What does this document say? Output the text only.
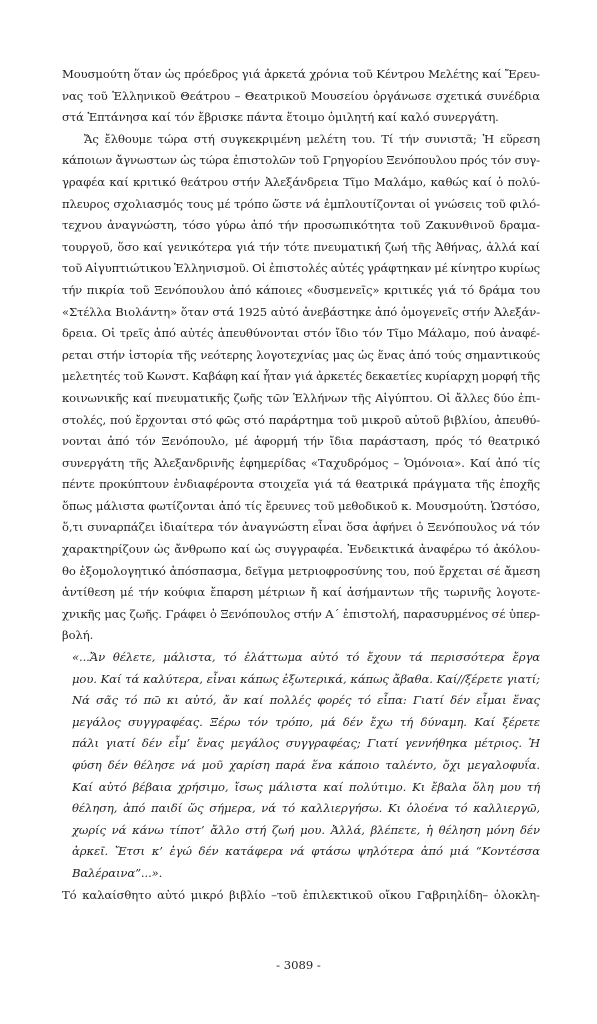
Μουσμούτη ὅταν ὡς πρόεδρος γιά ἀρκετά χρόνια τοῦ Κέντρου Μελέτης καί Ἔρευ-
νας τοῦ Ἑλληνικοῦ Θεάτρου – Θεατρικοῦ Μουσείου ὀργάνωσε σχετικά συνέδρια
στά Ἑπτάνησα καί τόν ἔβρισκε πάντα ἕτοιμο ὁμιλητή καί καλό συνεργάτη.
Ἄς ἔλθουμε τώρα στή συγκεκριμένη μελέτη του. Τί τήν συνιστᾶ; Ἡ εὕρεση
κάποιων ἄγνωστων ὡς τώρα ἐπιστολῶν τοῦ Γρηγορίου Ξενόπουλου πρός τόν συγ-
γραφέα καί κριτικό θεάτρου στήν Ἀλεξάνδρεια Τῖμο Μαλάμο, καθώς καί ὁ πολύ-
πλευρος σχολιασμός τους μέ τρόπο ὥστε νά ἐμπλουτίζονται οἱ γνώσεις τοῦ φιλό-
τεχνου ἀναγνώστη, τόσο γύρω ἀπό τήν προσωπικότητα τοῦ Ζακυνθινοῦ δραμα-
τουργοῦ, ὅσο καί γενικότερα γιά τήν τότε πνευματική ζωή τῆς Ἀθήνας, ἀλλά καί
τοῦ Αἰγυπτιώτικου Ἑλληνισμοῦ. Οἱ ἐπιστολές αὐτές γράφτηκαν μέ κίνητρο κυρίως
τήν πικρία τοῦ Ξενόπουλου ἀπό κάποιες «δυσμενεῖς» κριτικές γιά τό δράμα του
«Στέλλα Βιολάντη» ὅταν στά 1925 αὐτό ἀνεβάστηκε ἀπό ὁμογενεῖς στήν Ἀλεξάν-
δρεια. Οἱ τρεῖς ἀπό αὐτές ἀπευθύνονται στόν ἴδιο τόν Τῖμο Μάλαμο, πού ἀναφέ-
ρεται στήν ἱστορία τῆς νεότερης λογοτεχνίας μας ὡς ἕνας ἀπό τούς σημαντικούς
μελετητές τοῦ Κωνστ. Καβάφη καί ἦταν γιά ἀρκετές δεκαετίες κυρίαρχη μορφή τῆς
κοινωνικῆς καί πνευματικῆς ζωῆς τῶν Ἑλλήνων τῆς Αἰγύπτου. Οἱ ἄλλες δύο ἐπι-
στολές, πού ἔρχονται στό φῶς στό παράρτημα τοῦ μικροῦ αὐτοῦ βιβλίου, ἀπευθύ-
νονται ἀπό τόν Ξενόπουλο, μέ ἀφορμή τήν ἴδια παράσταση, πρός τό θεατρικό
συνεργάτη τῆς Ἀλεξανδρινῆς ἐφημερίδας «Ταχυδρόμος – Ὁμόνοια». Καί ἀπό τίς
πέντε προκύπτουν ἐνδιαφέροντα στοιχεῖα γιά τά θεατρικά πράγματα τῆς ἐποχῆς
ὅπως μάλιστα φωτίζονται ἀπό τίς ἔρευνες τοῦ μεθοδικοῦ κ. Μουσμούτη. Ὡστόσο,
ὅ,τι συναρπάζει ἰδιαίτερα τόν ἀναγνώστη εἶναι ὅσα ἀφήνει ὁ Ξενόπουλος νά τόν
χαρακτηρίζουν ὡς ἄνθρωπο καί ὡς συγγραφέα. Ἐνδεικτικά ἀναφέρω τό ἀκόλου-
θο ἐξομολογητικό ἀπόσπασμα, δεῖγμα μετριοφροσύνης του, πού ἔρχεται σέ ἄμεση
ἀντίθεση μέ τήν κούφια ἔπαρση μέτριων ἤ καί ἀσήμαντων τῆς τωρινῆς λογοτε-
χνικῆς μας ζωῆς. Γράφει ὁ Ξενόπουλος στήν Α΄ ἐπιστολή, παρασυρμένος σέ ὑπερ-
βολή.
«...Ἄν θέλετε, μάλιστα, τό ἐλάττωμα αὐτό τό ἔχουν τά περισσότερα ἔργα
μου. Καί τά καλύτερα, εἶναι κάπως ἐξωτερικά, κάπως ἄβαθα. Καί//ξέρετε γιατί;
Νά σᾶς τό πῶ κι αὐτό, ἄν καί πολλές φορές τό εἶπα: Γιατί δέν εἶμαι ἕνας
μεγάλος συγγραφέας. Ξέρω τόν τρόπο, μά δέν ἔχω τή δύναμη. Καί ξέρετε
πάλι γιατί δέν εἶμ’ ἕνας μεγάλος συγγραφέας; Γιατί γεννήθηκα μέτριος. Ἡ
φύση δέν θέλησε νά μοῦ χαρίση παρά ἕνα κάποιο ταλέντο, ὄχι μεγαλοφυΐα.
Καί αὐτό βέβαια χρήσιμο, ἴσως μάλιστα καί πολύτιμο. Κι ἔβαλα ὅλη μου τή
θέληση, ἀπό παιδί ὥς σήμερα, νά τό καλλιεργήσω. Κι ὁλοένα τό καλλιεργῶ,
χωρίς νά κάνω τίποτ’ ἄλλο στή ζωή μου. Ἀλλά, βλέπετε, ἡ θέληση μόνη δέν
ἀρκεῖ. Ἔτσι κ’ ἐγώ δέν κατάφερα νά φτάσω ψηλότερα ἀπό μιά “Κοντέσσα
Βαλέραινα”...».
Τό καλαίσθητο αὐτό μικρό βιβλίο –τοῦ ἐπιλεκτικοῦ οἴκου Γαβριηλίδη– ὁλοκλη-
- 3089 -
